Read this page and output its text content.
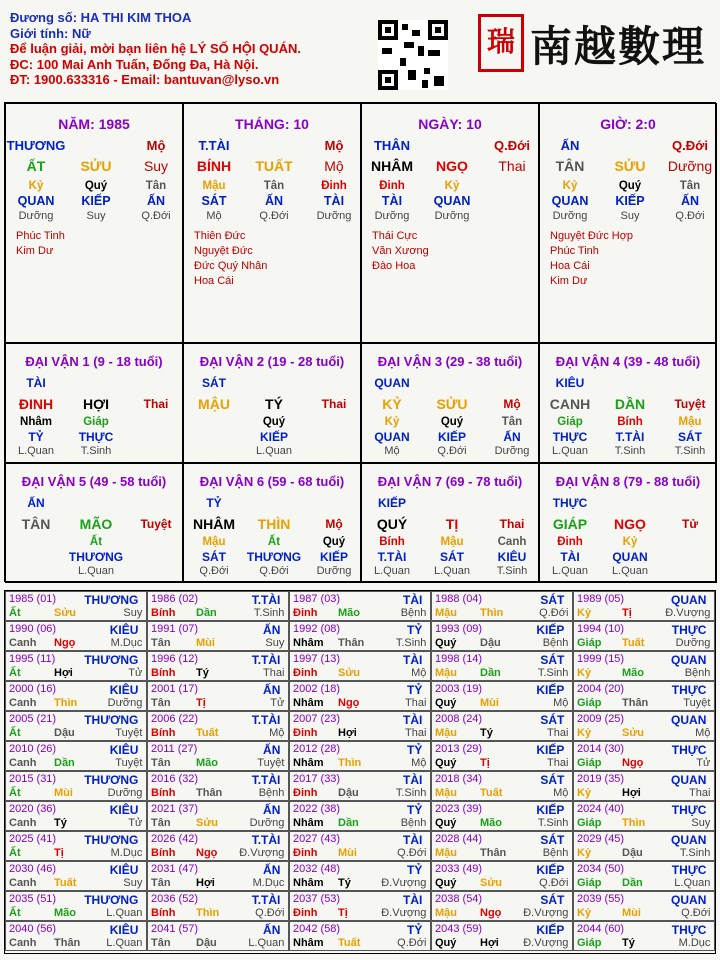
Đương số: HA THI KIM THOA
Giới tính: Nữ
Để luận giải, mời bạn liên hệ LÝ SỐ HỘI QUÁN.
ĐC: 100 Mai Anh Tuấn, Đống Đa, Hà Nội.
ĐT: 1900.633316 - Email: bantuvan@lyso.vn
瑞 南越數理
NĂM: 1985
THƯƠNG	Mộ
ẤT	SỬU	Suy
Kỷ	Quý	Tân
QUAN	KIẾP	ẤN
Dưỡng	Suy	Q.Đới
Phúc Tinh
Kim Dư
THÁNG: 10
T.TÀI	Mộ
BÍNH	TUẤT	Mộ
Mậu	Tân	Đinh
SÁT	ẤN	TÀI
Mộ	Q.Đới	Dưỡng
Thiên Đức
Nguyệt Đức
Đức Quý Nhân
Hoa Cái
NGÀY: 10
THÂN	Q.Đới
NHÂM	NGỌ	Thai
Đinh	Kỷ
TÀI	QUAN
Dưỡng	Dưỡng
Thái Cực
Văn Xương
Đào Hoa
GIỜ: 2:0
ẤN	Q.Đới
TÂN	SỬU	Dưỡng
Kỷ	Quý	Tân
QUAN	KIẾP	ẤN
Dưỡng	Suy	Q.Đới
Nguyệt Đức Hợp
Phúc Tinh
Hoa Cái
Kim Dư
ĐẠI VẬN 1 (9 - 18 tuổi)
TÀI
ĐINH	HỢI	Thai
Nhâm	Giáp
TỶ	THỰC
L.Quan	T.Sinh
ĐẠI VẬN 2 (19 - 28 tuổi)
SÁT
MẬU	TÝ	Thai
Quý
KIẾP
L.Quan
ĐẠI VẬN 3 (29 - 38 tuổi)
QUAN
KỶ	SỬU	Mộ
Kỷ	Quý	Tân
QUAN	KIẾP	ẤN
Mộ	Q.Đới	Dưỡng
ĐẠI VẬN 4 (39 - 48 tuổi)
KIÊU
CANH	DẦN	Tuyệt
Giáp	Bính	Mậu
THỰC	T.TÀI	SÁT
L.Quan	T.Sinh	T.Sinh
ĐẠI VẬN 5 (49 - 58 tuổi)
ẤN
TÂN	MÃO	Tuyệt
Ất
THƯƠNG
L.Quan
ĐẠI VẬN 6 (59 - 68 tuổi)
TỶ
NHÂM	THÌN	Mộ
Mậu	Ất	Quý
SÁT	THƯƠNG	KIẾP
Q.Đới	Q.Đới	Dưỡng
ĐẠI VẬN 7 (69 - 78 tuổi)
KIẾP
QUÝ	TỊ	Thai
Bính	Mậu	Canh
T.TÀI	SÁT	KIÊU
L.Quan	L.Quan	T.Sinh
ĐẠI VẬN 8 (79 - 88 tuổi)
THỰC
GIÁP	NGỌ	Tử
Đinh	Kỷ
TÀI	QUAN
L.Quan	L.Quan
1985 (01) THƯƠNG
Ất	Sửu	Suy
1986 (02)	T.TÀI
Bính Dần	T.Sinh
1987 (03)	TÀI
Đinh Mão	Bệnh
1988 (04)	SÁT
Mậu Thìn	Q.Đới
1989 (05)	QUAN
Kỷ	Tị	Đ.Vượng
1990 (06)	KIÊU
Canh Ngọ	M.Dục
1991 (07)	ẤN
Tân Mùi	Suy
1992 (08)	TỶ
Nhâm Thân	T.Sinh
1993 (09)	KIẾP
Quý Dậu	Bệnh
1994 (10)	THỰC
Giáp Tuất	Dưỡng
1995 (11) THƯƠNG
Ất	Hợi	Tử
1996 (12)	T.TÀI
Bính Tý	Thai
1997 (13)	TÀI
Đinh Sửu	Mộ
1998 (14)	SÁT
Mậu Dần	T.Sinh
1999 (15)	QUAN
Kỷ	Mão	Bệnh
2000 (16)	KIÊU
Canh Thìn	Dưỡng
2001 (17)	ẤN
Tân Tị	Tử
2002 (18)	TỶ
Nhâm Ngọ	Thai
2003 (19)	KIẾP
Quý Mùi	Mộ
2004 (20)	THỰC
Giáp Thân	Tuyệt
2005 (21) THƯƠNG
Ất	Dậu	Tuyệt
2006 (22)	T.TÀI
Bính Tuất	Mộ
2007 (23)	TÀI
Đinh Hợi	Thai
2008 (24)	SÁT
Mậu Tý	Thai
2009 (25)	QUAN
Kỷ	Sửu	Mộ
2010 (26)	KIÊU
Canh Dần	Tuyệt
2011 (27)	ẤN
Tân Mão	Tuyệt
2012 (28)	TỶ
Nhâm Thìn	Mộ
2013 (29)	KIẾP
Quý Tị	Thai
2014 (30)	THỰC
Giáp Ngọ	Tử
2015 (31) THƯƠNG
Ất	Mùi	Dưỡng
2016 (32)	T.TÀI
Bính Thân	Bệnh
2017 (33)	TÀI
Đinh Dậu	T.Sinh
2018 (34)	SÁT
Mậu Tuất	Mộ
2019 (35)	QUAN
Kỷ	Hợi	Thai
2020 (36)	KIÊU
Canh Tý	Tử
2021 (37)	ẤN
Tân Sửu	Dưỡng
2022 (38)	TỶ
Nhâm Dần	Bệnh
2023 (39)	KIẾP
Quý Mão	T.Sinh
2024 (40)	THỰC
Giáp Thìn	Suy
2025 (41) THƯƠNG
Ất	Tị	M.Dục
2026 (42)	T.TÀI
Bính Ngọ Đ.Vượng
2027 (43)	TÀI
Đinh Mùi	Q.Đới
2028 (44)	SÁT
Mậu Thân	Bệnh
2029 (45)	QUAN
Kỷ	Dậu	T.Sinh
2030 (46)	KIÊU
Canh Tuất	Suy
2031 (47)	ẤN
Tân Hợi	M.Dục
2032 (48)	TỶ
Nhâm Tý	Đ.Vượng
2033 (49)	KIẾP
Quý Sửu	Q.Đới
2034 (50)	THỰC
Giáp Dần	L.Quan
2035 (51) THƯƠNG
Ất	Mão	L.Quan
2036 (52)	T.TÀI
Bính Thìn	Q.Đới
2037 (53)	TÀI
Đinh Tị	Đ.Vượng
2038 (54)	SÁT
Mậu Ngọ Đ.Vượng
2039 (55)	QUAN
Kỷ	Mùi	Q.Đới
2040 (56)	KIÊU
Canh Thân L.Quan
2041 (57)	ẤN
Tân Dậu	L.Quan
2042 (58)	TỶ
Nhâm Tuất	Q.Đới
2043 (59)	KIẾP
Quý Hợi Đ.Vượng
2044 (60)	THỰC
Giáp Tý	M.Dục
